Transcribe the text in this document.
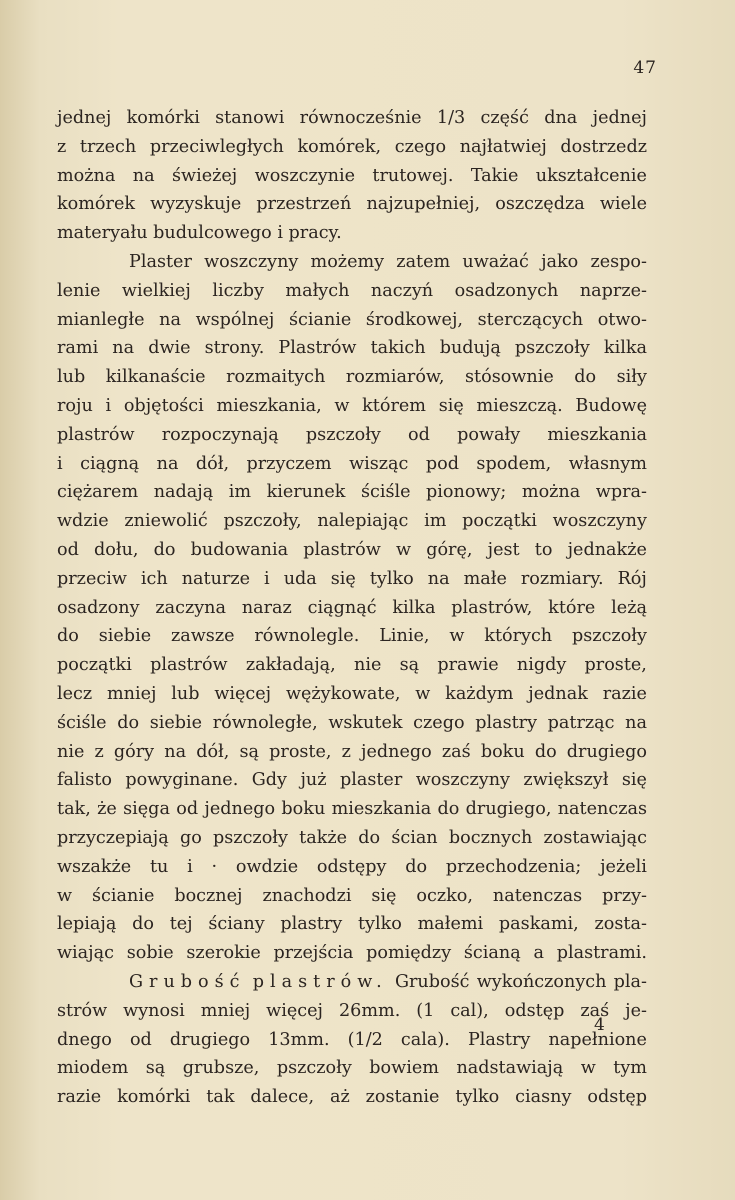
47
jednej komórki stanowi równocześnie 1/3 część dna jednej
z trzech przeciwległych komórek, czego najłatwiej dostrzedz
można na świeżej woszczynie trutowej. Takie ukształcenie
komórek wyzyskuje przestrzeń najzupełniej, oszczędza wiele
materyału
budulcowego
i
pracy.
Plaster woszczyny możemy zatem uważać jako zespo-
lenie wielkiej liczby małych naczyń osadzonych naprze-
mianległe na wspólnej ścianie środkowej, sterczących otwo-
rami na dwie strony. Plastrów takich budują pszczoły kilka
lub kilkanaście rozmaitych rozmiarów, stósownie do siły
roju i objętości mieszkania, w którem się mieszczą. Budowę
plastrów rozpoczynają pszczoły od powały mieszkania
i ciągną na dół, przyczem wisząc pod spodem, własnym
ciężarem nadają im kierunek ściśle pionowy; można wpra-
wdzie zniewolić pszczoły, nalepiając im początki woszczyny
od dołu, do budowania plastrów w górę, jest to jednakże
przeciw ich naturze i uda się tylko na małe rozmiary. Rój
osadzony zaczyna naraz ciągnąć kilka plastrów, które leżą
do siebie zawsze równolegle. Linie, w których pszczoły
początki plastrów zakładają, nie są prawie nigdy proste,
lecz mniej lub więcej wężykowate, w każdym jednak razie
ściśle do siebie równoległe, wskutek czego plastry patrząc na
nie z góry na dół, są proste, z jednego zaś boku do drugiego
falisto powyginane. Gdy już plaster woszczyny zwiększył się
tak, że sięga od jednego boku mieszkania do drugiego, natenczas
przyczepiają go pszczoły także do ścian bocznych zostawiając
wszakże tu i · owdzie odstępy do przechodzenia; jeżeli
w ścianie bocznej znachodzi się oczko, natenczas przy-
lepiają do tej ściany plastry tylko małemi paskami, zosta-
wiając sobie szerokie przejścia pomiędzy ścianą a plastrami.
Grubość plastrów. Grubość wykończonych pla-
strów wynosi mniej więcej 26mm. (1 cal), odstęp zaś je-
dnego od drugiego 13mm. (1/2 cala). Plastry napełnione
miodem są grubsze, pszczoły bowiem nadstawiają w tym
razie komórki tak dalece, aż zostanie tylko ciasny odstęp
4
